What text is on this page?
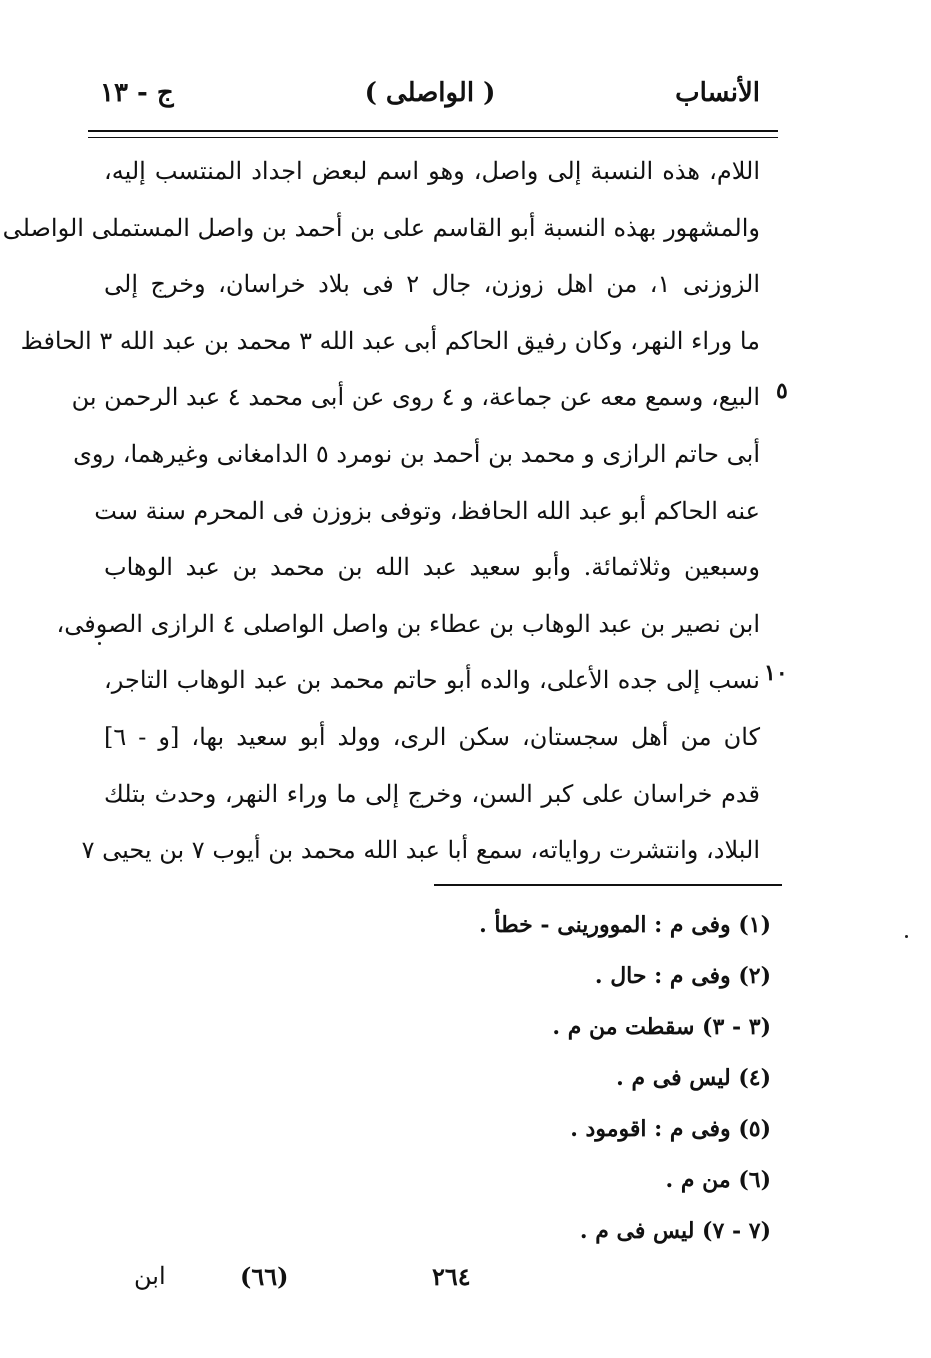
الأنساب
( الواصلى )
ج - ١٣
اللام، هذه النسبة إلى واصل، وهو اسم لبعض اجداد المنتسب إليه،
والمشهور بهذه النسبة أبو القاسم على بن أحمد بن واصل المستملى الواصلى
الزوزنى ١، من اهل زوزن، جال ٢ فى بلاد خراسان، وخرج إلى
ما وراء النهر، وكان رفيق الحاكم أبى عبد الله ٣ محمد بن عبد الله ٣ الحافظ
البيع، وسمع معه عن جماعة، و ٤ روى عن أبى محمد ٤ عبد الرحمن بن
أبى حاتم الرازى و محمد بن أحمد بن نومرد ٥ الدامغانى وغيرهما، روى
عنه الحاكم أبو عبد الله الحافظ، وتوفى بزوزن فى المحرم سنة ست
وسبعين وثلاثمائة. وأبو سعيد عبد الله بن محمد بن عبد الوهاب
ابن نصير بن عبد الوهاب بن عطاء بن واصل الواصلى ٤ الرازى الصوفى،
نسب إلى جده الأعلى، والده أبو حاتم محمد بن عبد الوهاب التاجر،
كان من أهل سجستان، سكن الرى، وولد أبو سعيد بها، [و - ٦]
قدم خراسان على كبر السن، وخرج إلى ما وراء النهر، وحدث بتلك
البلاد، وانتشرت رواياته، سمع أبا عبد الله محمد بن أيوب ٧ بن يحيى ٧
٥
١٠
(١) وفى م : الموورينى - خطأ .
(٢) وفى م : حال .
(٣ - ٣) سقطت من م .
(٤) ليس فى م .
(٥) وفى م : اقومود .
(٦) من م .
(٧ - ٧) ليس فى م .
٢٦٤
(٦٦)
ابن
